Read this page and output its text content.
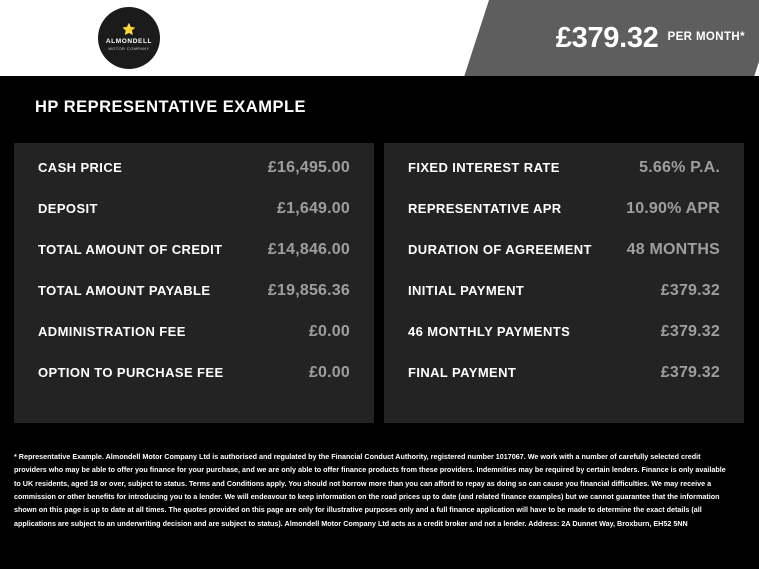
⭐
ALMONDELL
MOTOR COMPANY	£379.32 PER MONTH*
HP REPRESENTATIVE EXAMPLE
CASH PRICE	£16,495.00
DEPOSIT	£1,649.00
TOTAL AMOUNT OF CREDIT	£14,846.00
TOTAL AMOUNT PAYABLE	£19,856.36
ADMINISTRATION FEE	£0.00
OPTION TO PURCHASE FEE	£0.00
FIXED INTEREST RATE	5.66% P.A.
REPRESENTATIVE APR	10.90% APR
DURATION OF AGREEMENT 48 MONTHS
INITIAL PAYMENT	£379.32
46 MONTHLY PAYMENTS	£379.32
FINAL PAYMENT	£379.32
* Representative Example. Almondell Motor Company Ltd is authorised and regulated by the Financial Conduct Authority, registered number 1017067. We work with a number of carefully selected credit providers who may be able to offer you finance for your purchase, and we are only able to offer finance products from these providers. Indemnities may be required by certain lenders. Finance is only available to UK residents, aged 18 or over, subject to status. Terms and Conditions apply. You should not borrow more than you can afford to repay as doing so can cause you financial difficulties. We may receive a commission or other benefits for introducing you to a lender. We will endeavour to keep information on the road prices up to date (and related finance examples) but we cannot guarantee that the information shown on this page is up to date at all times. The quotes provided on this page are only for illustrative purposes only and a full finance application will have to be made to determine the exact details (all applications are subject to an underwriting decision and are subject to status). Almondell Motor Company Ltd acts as a credit broker and not a lender. Address: 2A Dunnet Way, Broxburn, EH52 5NN
